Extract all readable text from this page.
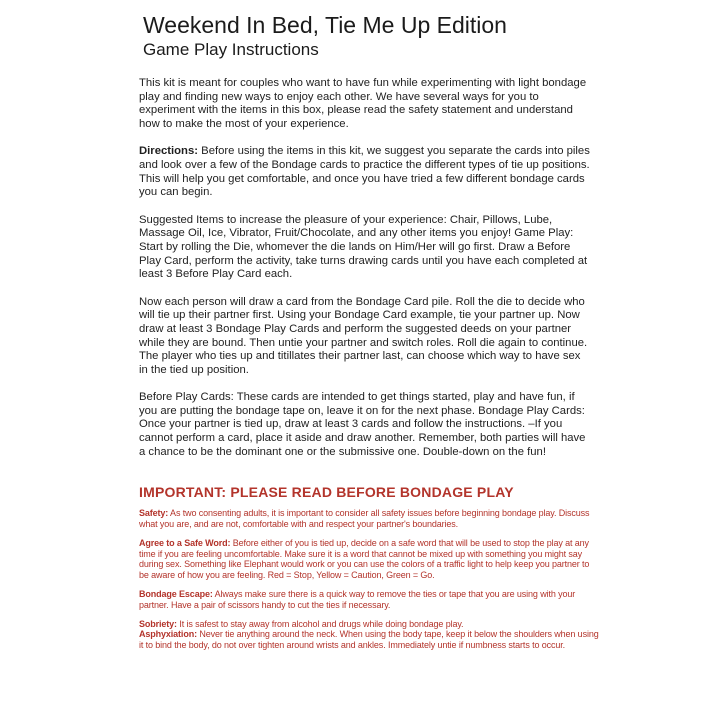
Weekend In Bed, Tie Me Up Edition
Game Play Instructions

This kit is meant for couples who want to have fun while experimenting with light bondage play and finding new ways to enjoy each other. We have several ways for you to experiment with the items in this box, please read the safety statement and understand how to make the most of your experience.

Directions: Before using the items in this kit, we suggest you separate the cards into piles and look over a few of the Bondage cards to practice the different types of tie up positions. This will help you get comfortable, and once you have tried a few different bondage cards you can begin.

Suggested Items to increase the pleasure of your experience: Chair, Pillows, Lube, Massage Oil, Ice, Vibrator, Fruit/Chocolate, and any other items you enjoy! Game Play: Start by rolling the Die, whomever the die lands on Him/Her will go first. Draw a Before Play Card, perform the activity, take turns drawing cards until you have each completed at least 3 Before Play Card each.

Now each person will draw a card from the Bondage Card pile. Roll the die to decide who will tie up their partner first. Using your Bondage Card example, tie your partner up. Now draw at least 3 Bondage Play Cards and perform the suggested deeds on your partner while they are bound. Then untie your partner and switch roles. Roll die again to continue. The player who ties up and titillates their partner last, can choose which way to have sex in the tied up position.

Before Play Cards: These cards are intended to get things started, play and have fun, if you are putting the bondage tape on, leave it on for the next phase. Bondage Play Cards: Once your partner is tied up, draw at least 3 cards and follow the instructions. –If you cannot perform a card, place it aside and draw another. Remember, both parties will have a chance to be the dominant one or the submissive one. Double-down on the fun!

IMPORTANT: PLEASE READ BEFORE BONDAGE PLAY

Safety: As two consenting adults, it is important to consider all safety issues before beginning bondage play. Discuss what you are, and are not, comfortable with and respect your partner's boundaries.

Agree to a Safe Word: Before either of you is tied up, decide on a safe word that will be used to stop the play at any time if you are feeling uncomfortable. Make sure it is a word that cannot be mixed up with something you might say during sex. Something like Elephant would work or you can use the colors of a traffic light to help keep you partner to be aware of how you are feeling. Red = Stop, Yellow = Caution, Green = Go.

Bondage Escape: Always make sure there is a quick way to remove the ties or tape that you are using with your partner. Have a pair of scissors handy to cut the ties if necessary.

Sobriety: It is safest to stay away from alcohol and drugs while doing bondage play.

Asphyxiation: Never tie anything around the neck. When using the body tape, keep it below the shoulders when using it to bind the body, do not over tighten around wrists and ankles. Immediately untie if numbness starts to occur.
